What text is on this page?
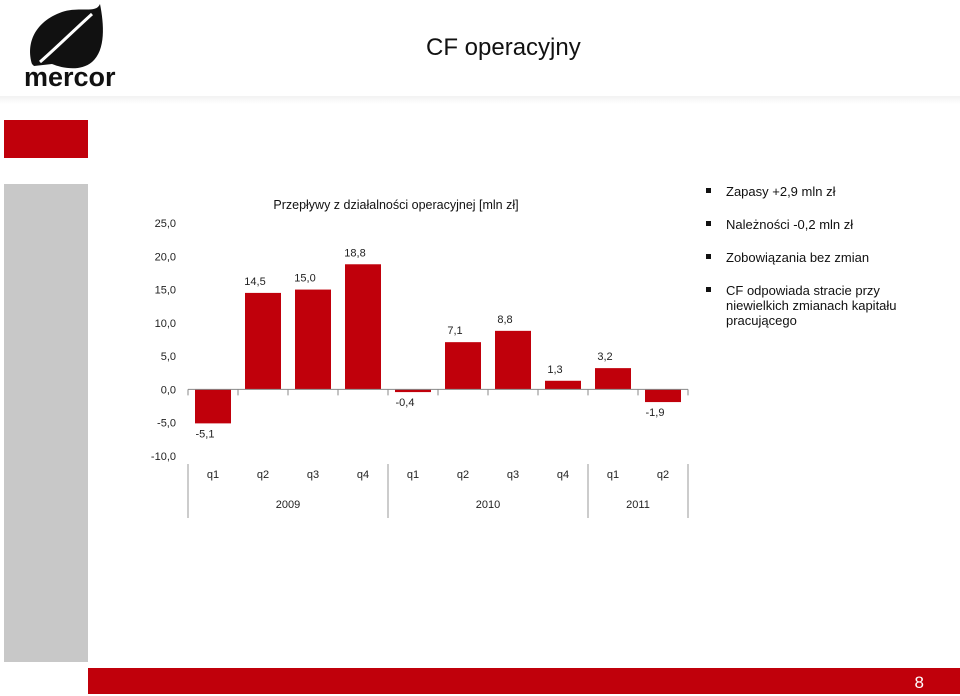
mercor
CF operacyjny
Przepływy z działalności operacyjnej [mln zł]
25,0
20,0
15,0
10,0
5,0
0,0
-5,0
-10,0
-5,1
14,5	15,0
18,8
-0,4
7,1
8,8
1,3
3,2
-1,9
q1	q2	q3	q4	q1	q2	q3	q4	q1	q2
2009	2010	2011
Zapasy +2,9 mln zł
Należności -0,2 mln zł
Zobowiązania bez zmian
CF odpowiada stracie przy niewielkich zmianach kapitału pracującego
8
